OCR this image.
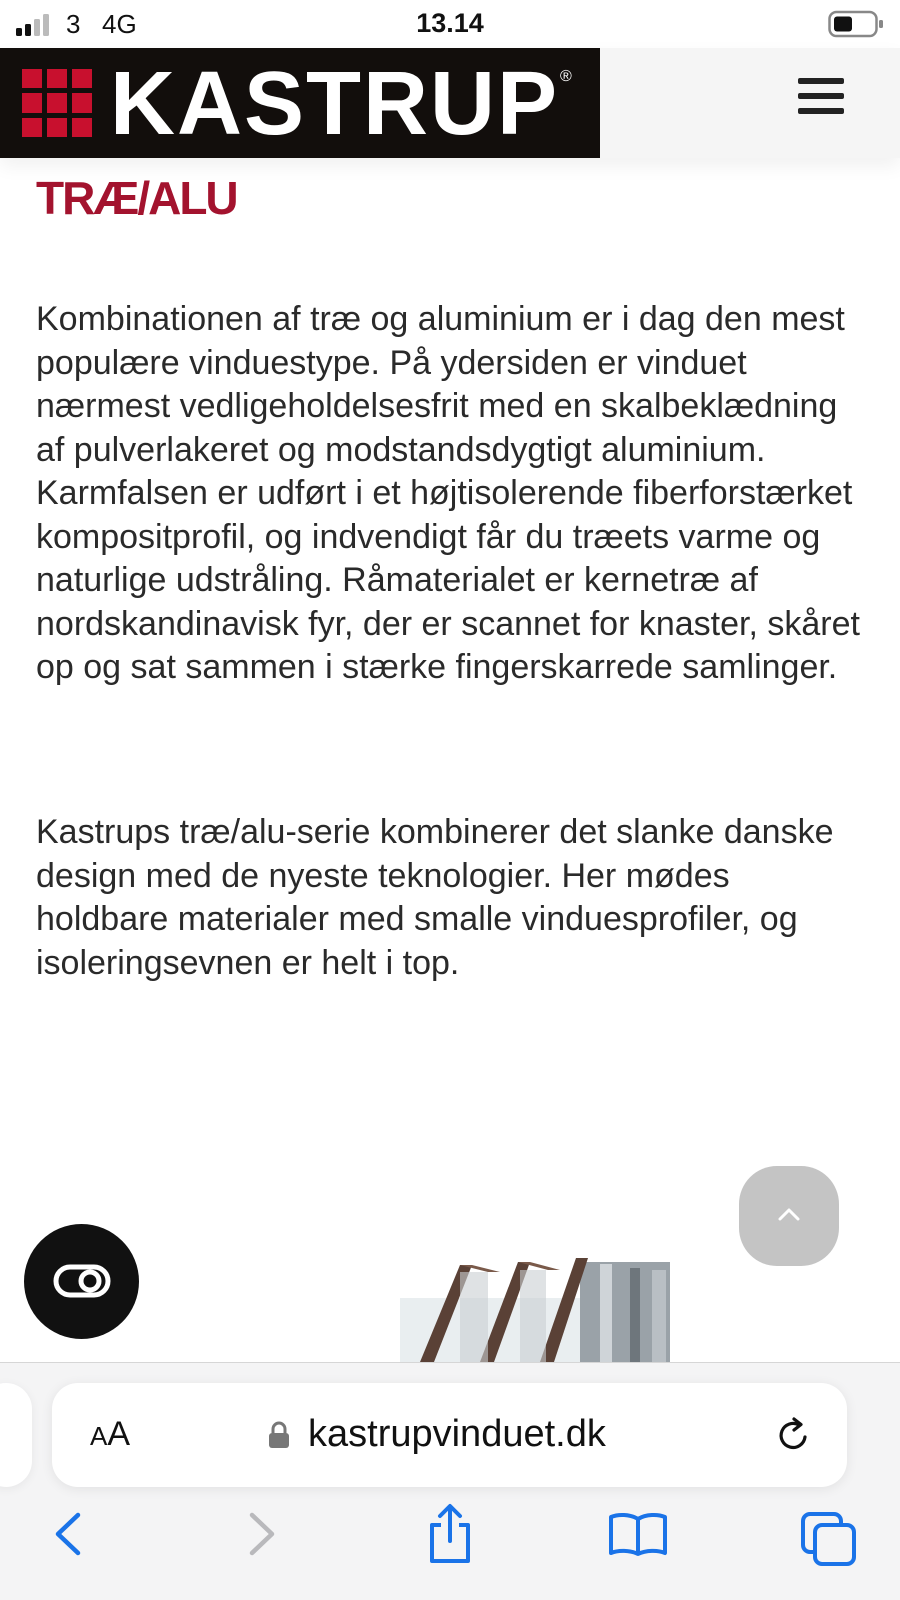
3 4G	13.14
KASTRUP ®
TRÆ/ALU

Kombinationen af træ og aluminium er i dag den mest populære vinduestype. På ydersiden er vinduet nærmest vedligeholdelsesfrit med en skalbeklædning af pulverlakeret og modstandsdygtigt aluminium. Karmfalsen er udført i et højtisolerende fiberforstærket kompositprofil, og indvendigt får du træets varme og naturlige udstråling. Råmaterialet er kernetræ af nordskandinavisk fyr, der er scannet for knaster, skåret op og sat sammen i stærke fingerskarrede samlinger.

Kastrups træ/alu-serie kombinerer det slanke danske design med de nyeste teknologier. Her mødes holdbare materialer med smalle vinduesprofiler, og isoleringsevnen er helt i top.

AA	kastrupvinduet.dk
